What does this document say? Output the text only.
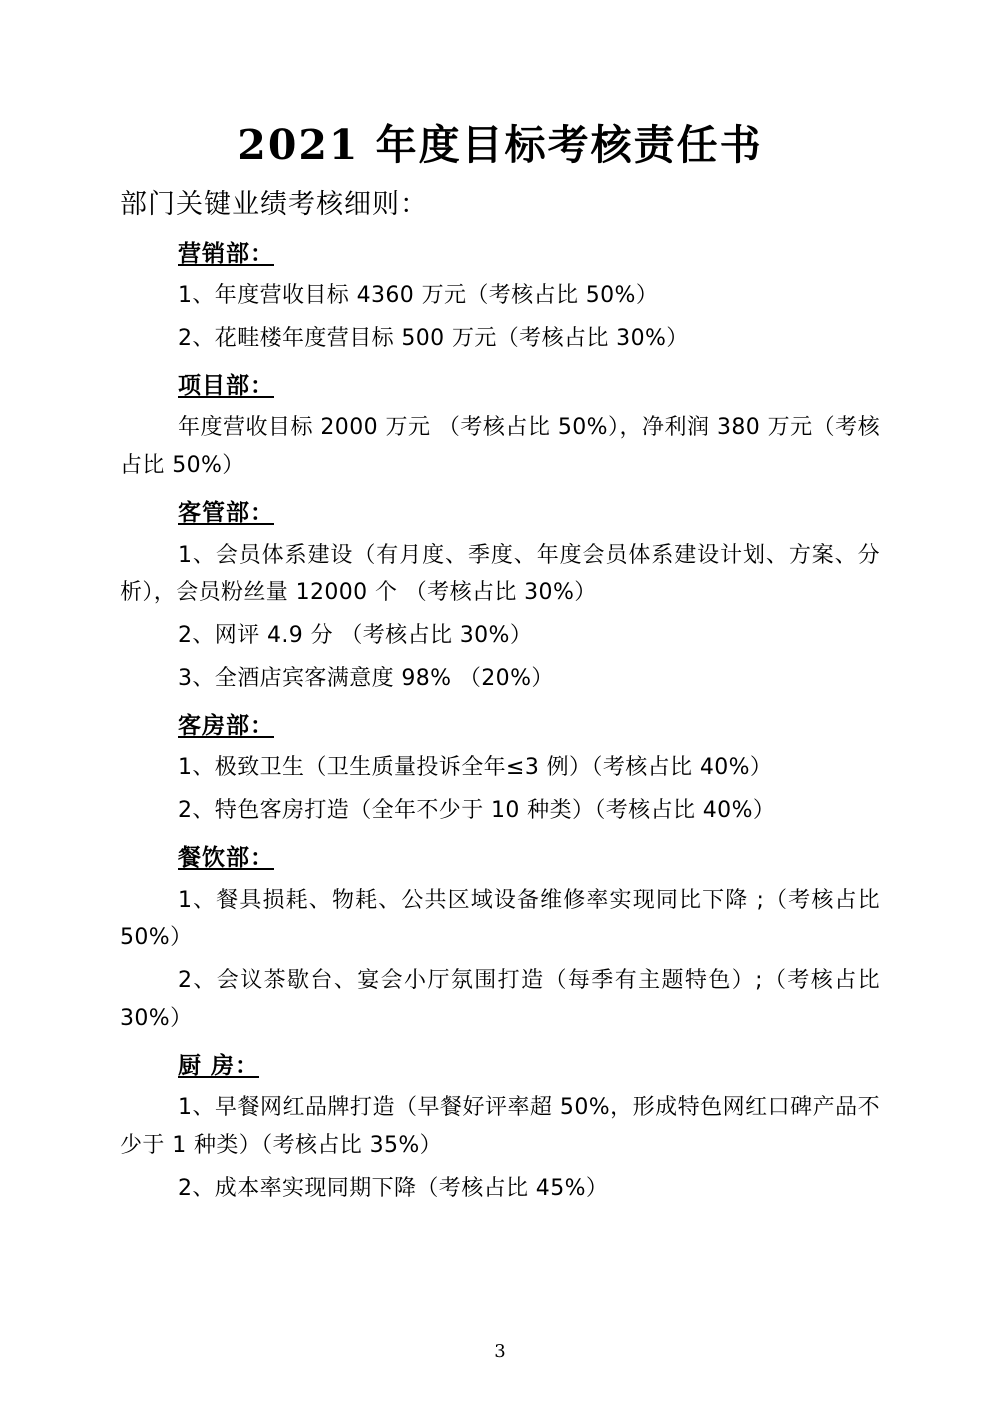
2021 年度目标考核责任书

部门关键业绩考核细则：

营销部：

1、年度营收目标 4360 万元（考核占比 50%）

2、花畦楼年度营目标 500 万元（考核占比 30%）

项目部：

年度营收目标 2000 万元 （考核占比 50%），净利润 380 万元（考核占比 50%）

客管部：

1、会员体系建设（有月度、季度、年度会员体系建设计划、方案、分析），会员粉丝量 12000 个 （考核占比 30%）

2、网评 4.9 分 （考核占比 30%）

3、全酒店宾客满意度 98% （20%）

客房部：

1、极致卫生（卫生质量投诉全年≤3 例）（考核占比 40%）

2、特色客房打造（全年不少于 10 种类）（考核占比 40%）

餐饮部：

1、餐具损耗、物耗、公共区域设备维修率实现同比下降 ;（考核占比 50%）

2、会议茶歇台、宴会小厅氛围打造（每季有主题特色）;（考核占比 30%）

厨 房：

1、早餐网红品牌打造（早餐好评率超 50%，形成特色网红口碑产品不少于 1 种类）（考核占比 35%）

2、成本率实现同期下降（考核占比 45%）

3
